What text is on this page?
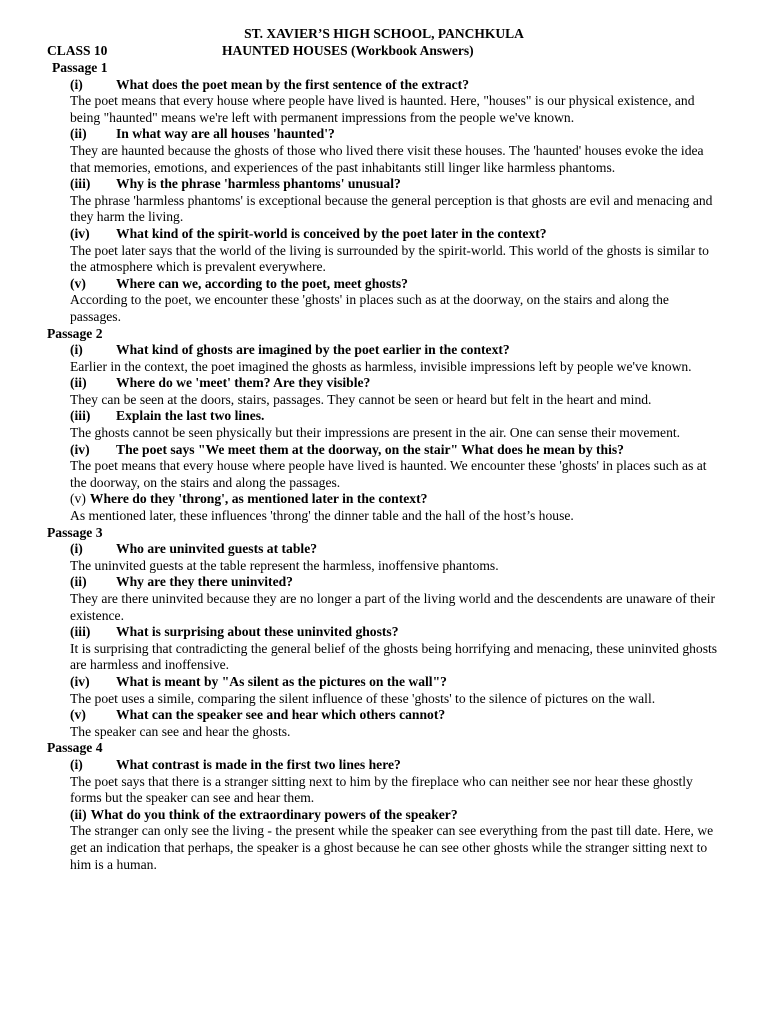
ST. XAVIER’S HIGH SCHOOL, PANCHKULA
CLASS 10	HAUNTED HOUSES (Workbook Answers)
Passage 1
(i)	What does the poet mean by the first sentence of the extract?
The poet means that every house where people have lived is haunted. Here, "houses" is our physical existence, and being "haunted" means we're left with permanent impressions from the people we've known.
(ii)	In what way are all houses 'haunted'?
They are haunted because the ghosts of those who lived there visit these houses. The 'haunted' houses evoke the idea that memories, emotions, and experiences of the past inhabitants still linger like harmless phantoms.
(iii)	Why is the phrase 'harmless phantoms' unusual?
The phrase 'harmless phantoms' is exceptional because the general perception is that ghosts are evil and menacing and they harm the living.
(iv)	What kind of the spirit-world is conceived by the poet later in the context?
The poet later says that the world of the living is surrounded by the spirit-world. This world of the ghosts is similar to the atmosphere which is prevalent everywhere.
(v)	Where can we, according to the poet, meet ghosts?
According to the poet, we encounter these 'ghosts' in places such as at the doorway, on the stairs and along the passages.
Passage 2
(i)	What kind of ghosts are imagined by the poet earlier in the context?
Earlier in the context, the poet imagined the ghosts as harmless, invisible impressions left by people we've known.
(ii)	Where do we 'meet' them? Are they visible?
They can be seen at the doors, stairs, passages. They cannot be seen or heard but felt in the heart and mind.
(iii)	Explain the last two lines.
The ghosts cannot be seen physically but their impressions are present in the air. One can sense their movement.
(iv)	The poet says "We meet them at the doorway, on the stair" What does he mean by this?
The poet means that every house where people have lived is haunted. We encounter these 'ghosts' in places such as at the doorway, on the stairs and along the passages.
(v) Where do they 'throng', as mentioned later in the context?
As mentioned later, these influences 'throng' the dinner table and the hall of the host’s house.
Passage 3
(i)	Who are uninvited guests at table?
The uninvited guests at the table represent the harmless, inoffensive phantoms.
(ii)	Why are they there uninvited?
They are there uninvited because they are no longer a part of the living world and the descendents are unaware of their existence.
(iii)	What is surprising about these uninvited ghosts?
It is surprising that contradicting the general belief of the ghosts being horrifying and menacing, these uninvited ghosts are harmless and inoffensive.
(iv)	What is meant by "As silent as the pictures on the wall"?
The poet uses a simile, comparing the silent influence of these 'ghosts' to the silence of pictures on the wall.
(v)	What can the speaker see and hear which others cannot?
The speaker can see and hear the ghosts.
Passage 4
(i)	What contrast is made in the first two lines here?
The poet says that there is a stranger sitting next to him by the fireplace who can neither see nor hear these ghostly forms but the speaker can see and hear them.
(ii) What do you think of the extraordinary powers of the speaker?
The stranger can only see the living - the present while the speaker can see everything from the past till date. Here, we get an indication that perhaps, the speaker is a ghost because he can see other ghosts while the stranger sitting next to him is a human.
